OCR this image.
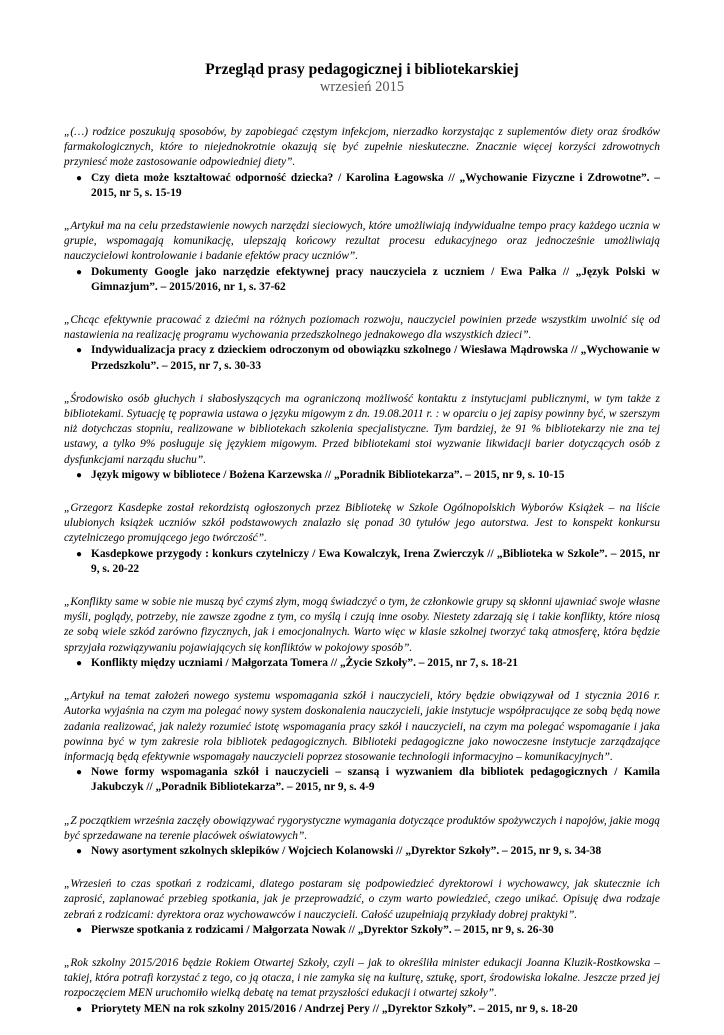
Przegląd prasy pedagogicznej i bibliotekarskiej
wrzesień 2015
„(…) rodzice poszukują sposobów, by zapobiegać częstym infekcjom, nierzadko korzystając z suplementów diety oraz środków farmakologicznych, które to niejednokrotnie okazują się być zupełnie nieskuteczne. Znacznie więcej korzyści zdrowotnych przyniesć może zastosowanie odpowiedniej diety”.
● Czy dieta może kształtować odporność dziecka? / Karolina Łagowska // „Wychowanie Fizyczne i Zdrowotne”. – 2015, nr 5, s. 15-19
„Artykuł ma na celu przedstawienie nowych narzędzi sieciowych, które umożliwiają indywidualne tempo pracy każdego ucznia w grupie, wspomagają komunikację, ulepszają końcowy rezultat procesu edukacyjnego oraz jednocześnie umożliwiają nauczycielowi kontrolowanie i badanie efektów pracy uczniów”.
● Dokumenty Google jako narzędzie efektywnej pracy nauczyciela z uczniem / Ewa Pałka // „Język Polski w Gimnazjum”. – 2015/2016, nr 1, s. 37-62
„Chcąc efektywnie pracować z dziećmi na różnych poziomach rozwoju, nauczyciel powinien przede wszystkim uwolnić się od nastawienia na realizację programu wychowania przedszkolnego jednakowego dla wszystkich dzieci”.
● Indywidualizacja pracy z dzieckiem odroczonym od obowiązku szkolnego / Wiesława Mądrowska // „Wychowanie w Przedszkolu”. – 2015, nr 7, s. 30-33
„Środowisko osób głuchych i słabosłyszących ma ograniczoną możliwość kontaktu z instytucjami publicznymi, w tym także z bibliotekami. Sytuację tę poprawia ustawa o języku migowym z dn. 19.08.2011 r. : w oparciu o jej zapisy powinny być, w szerszym niż dotychczas stopniu, realizowane w bibliotekach szkolenia specjalistyczne. Tym bardziej, że 91 % bibliotekarzy nie zna tej ustawy, a tylko 9% posługuje się językiem migowym. Przed bibliotekami stoi wyzwanie likwidacji barier dotyczących osób z dysfunkcjami narządu słuchu”.
● Język migowy w bibliotece / Bożena Karzewska // „Poradnik Bibliotekarza”. – 2015, nr 9, s. 10-15
„Grzegorz Kasdepke został rekordzistą ogłoszonych przez Bibliotekę w Szkole Ogólnopolskich Wyborów Książek – na liście ulubionych książek uczniów szkół podstawowych znalazło się ponad 30 tytułów jego autorstwa. Jest to konspekt konkursu czytelniczego promującego jego twórczość”.
● Kasdepkowe przygody : konkurs czytelniczy / Ewa Kowalczyk, Irena Zwierczyk // „Biblioteka w Szkole”. – 2015, nr 9, s. 20-22
„Konflikty same w sobie nie muszą być czymś złym, mogą świadczyć o tym, że członkowie grupy są skłonni ujawniać swoje własne myśli, poglądy, potrzeby, nie zawsze zgodne z tym, co myślą i czują inne osoby. Niestety zdarzają się i takie konflikty, które niosą ze sobą wiele szkód zarówno fizycznych, jak i emocjonalnych. Warto więc w klasie szkolnej tworzyć taką atmosferę, która będzie sprzyjała rozwiązywaniu pojawiających się konfliktów w pokojowy sposób”.
● Konflikty między uczniami / Małgorzata Tomera // „Życie Szkoły”. – 2015, nr 7, s. 18-21
„Artykuł na temat założeń nowego systemu wspomagania szkół i nauczycieli, który będzie obwiązywał od 1 stycznia 2016 r. Autorka wyjaśnia na czym ma polegać nowy system doskonalenia nauczycieli, jakie instytucje współpracujące ze sobą będą nowe zadania realizować, jak należy rozumieć istotę wspomagania pracy szkół i nauczycieli, na czym ma polegać wspomaganie i jaka powinna być w tym zakresie rola bibliotek pedagogicznych. Biblioteki pedagogiczne jako nowoczesne instytucje zarządzające informacją będą efektywnie wspomagały nauczycieli poprzez stosowanie technologii informacyjno – komunikacyjnych”.
● Nowe formy wspomagania szkół i nauczycieli – szansą i wyzwaniem dla bibliotek pedagogicznych / Kamila Jakubczyk // „Poradnik Bibliotekarza”. – 2015, nr 9, s. 4-9
„Z początkiem września zaczęły obowiązywać rygorystyczne wymagania dotyczące produktów spożywczych i napojów, jakie mogą być sprzedawane na terenie placówek oświatowych”.
● Nowy asortyment szkolnych sklepików / Wojciech Kolanowski // „Dyrektor Szkoły”. – 2015, nr 9, s. 34-38
„Wrzesień to czas spotkań z rodzicami, dlatego postaram się podpowiedzieć dyrektorowi i wychowawcy, jak skutecznie ich zaprosić, zaplanować przebieg spotkania, jak je przeprowadzić, o czym warto powiedzieć, czego unikać. Opisuję dwa rodzaje zebrań z rodzicami: dyrektora oraz wychowawców i nauczycieli. Całość uzupełniają przykłady dobrej praktyki”.
● Pierwsze spotkania z rodzicami / Małgorzata Nowak // „Dyrektor Szkoły”. – 2015, nr 9, s. 26-30
„Rok szkolny 2015/2016 będzie Rokiem Otwartej Szkoły, czyli – jak to określiła minister edukacji Joanna Kluzik-Rostkowska – takiej, która potrafi korzystać z tego, co ją otacza, i nie zamyka się na kulturę, sztukę, sport, środowiska lokalne. Jeszcze przed jej rozpoczęciem MEN uruchomiło wielką debatę na temat przyszłości edukacji i otwartej szkoły”.
● Priorytety MEN na rok szkolny 2015/2016 / Andrzej Pery // „Dyrektor Szkoły”. – 2015, nr 9, s. 18-20
